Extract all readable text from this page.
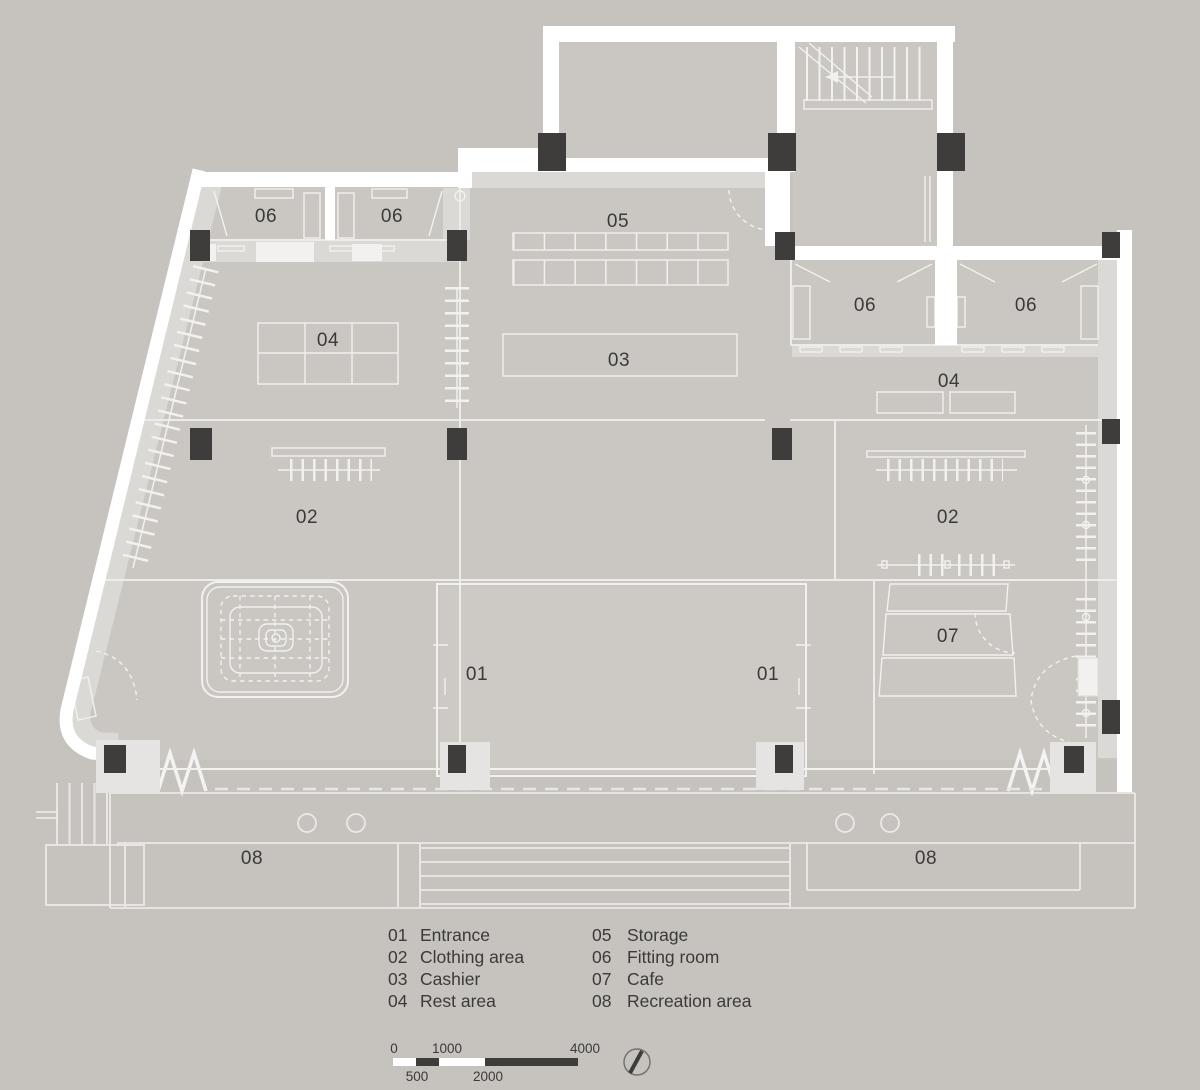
06	06	05
06	06
04
03
04
02	02
07
01	01
08	08
01 Entrance
02 Clothing area
03 Cashier
04 Rest area
05 Storage
06 Fitting room
07 Cafe
08 Recreation area
0	1000	4000
500	2000
